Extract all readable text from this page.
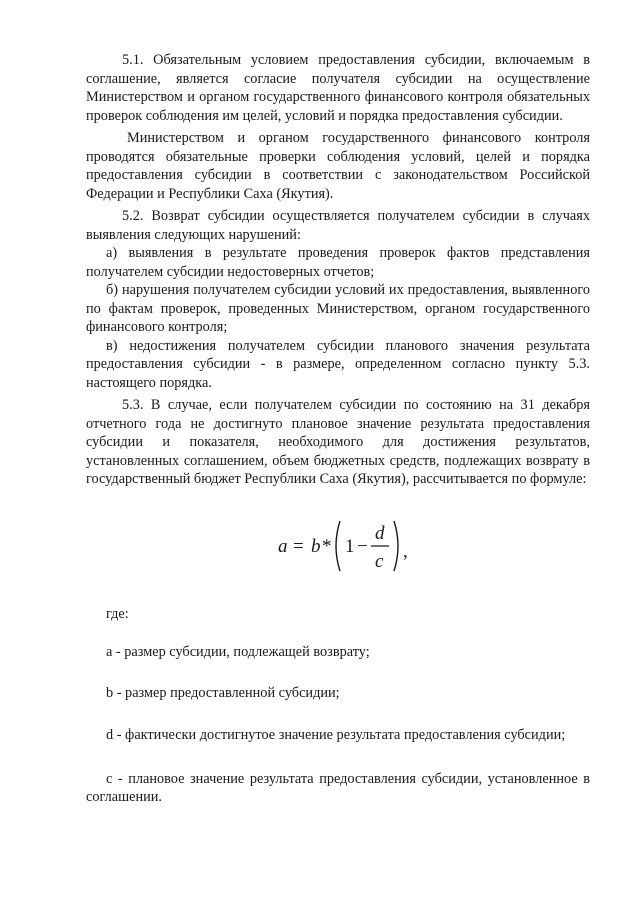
5.1. Обязательным условием предоставления субсидии, включаемым в соглашение, является согласие получателя субсидии на осуществление Министерством и органом государственного финансового контроля обязательных проверок соблюдения им целей, условий и порядка предоставления субсидии.

Министерством и органом государственного финансового контроля проводятся обязательные проверки соблюдения условий, целей и порядка предоставления субсидии в соответствии с законодательством Российской Федерации и Республики Саха (Якутия).

5.2. Возврат субсидии осуществляется получателем субсидии в случаях выявления следующих нарушений:

а) выявления в результате проведения проверок фактов представления получателем субсидии недостоверных отчетов;

б) нарушения получателем субсидии условий их предоставления, выявленного по фактам проверок, проведенных Министерством, органом государственного финансового контроля;

в) недостижения получателем субсидии планового значения результата предоставления субсидии - в размере, определенном согласно пункту 5.3. настоящего порядка.

5.3. В случае, если получателем субсидии по состоянию на 31 декабря отчетного года не достигнуто плановое значение результата предоставления субсидии и показателя, необходимого для достижения результатов, установленных соглашением, объем бюджетных средств, подлежащих возврату в государственный бюджет Республики Саха (Якутия), рассчитывается по формуле:

a = b * 1 −
d
c ,

где:

а - размер субсидии, подлежащей возврату;

b - размер предоставленной субсидии;

d - фактически достигнутое значение результата предоставления субсидии;

с - плановое значение результата предоставления субсидии, установленное в соглашении.
